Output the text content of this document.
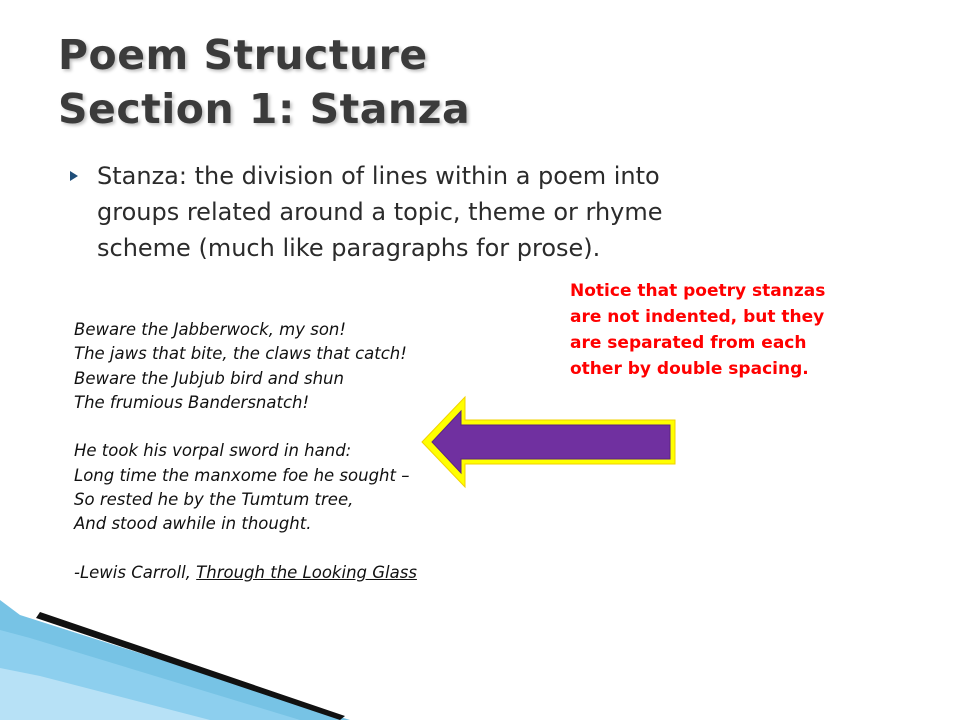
Poem Structure
Section 1: Stanza
Stanza: the division of lines within a poem into
groups related around a topic, theme or rhyme
scheme (much like paragraphs for prose).
Notice that poetry stanzas
are not indented, but they
are separated from each
other by double spacing.
Beware the Jabberwock, my son!
The jaws that bite, the claws that catch!
Beware the Jubjub bird and shun
The frumious Bandersnatch!
He took his vorpal sword in hand:
Long time the manxome foe he sought –
So rested he by the Tumtum tree,
And stood awhile in thought.
-Lewis Carroll, Through the Looking Glass
